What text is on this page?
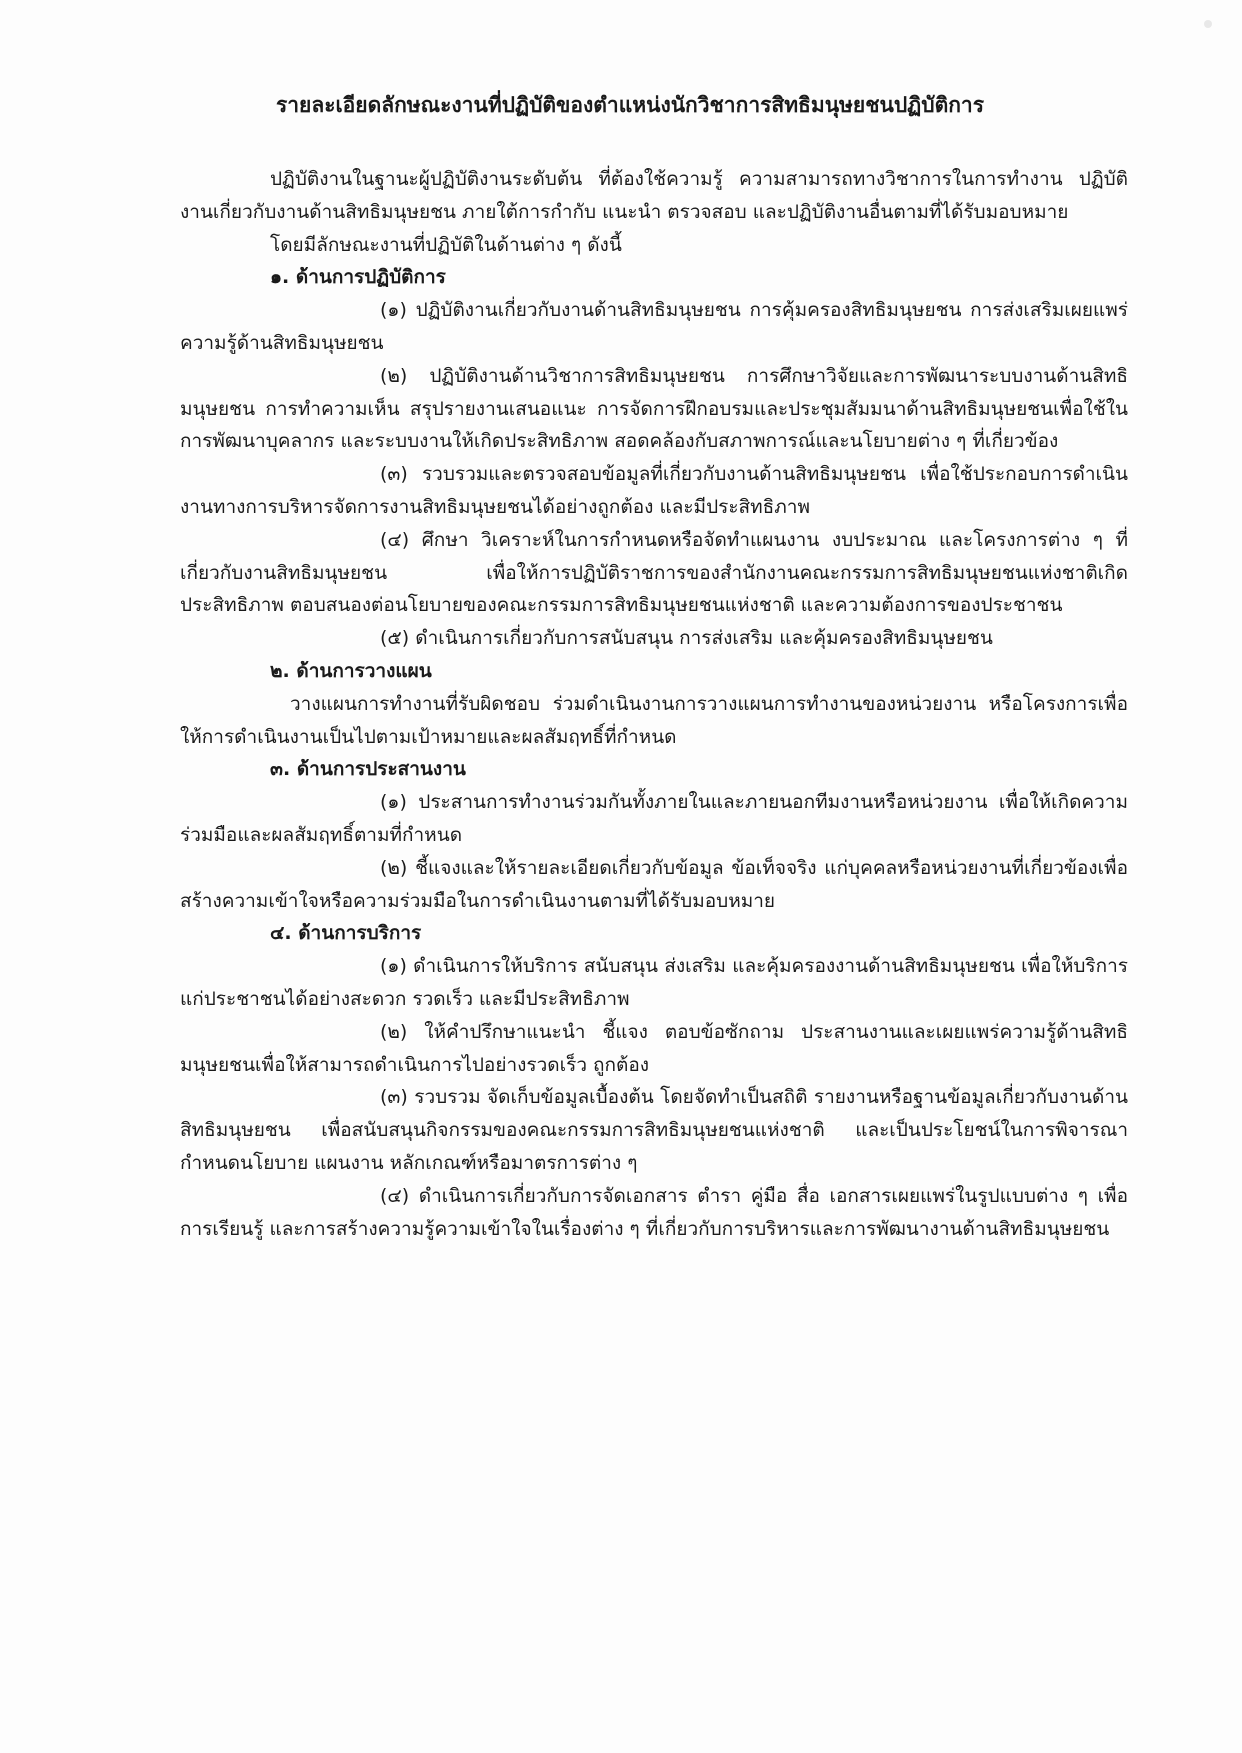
รายละเอียดลักษณะงานที่ปฏิบัติของตำแหน่งนักวิชาการสิทธิมนุษยชนปฏิบัติการ

ปฏิบัติงานในฐานะผู้ปฏิบัติงานระดับต้น ที่ต้องใช้ความรู้ ความสามารถทางวิชาการในการทำงาน ปฏิบัติงานเกี่ยวกับงานด้านสิทธิมนุษยชน ภายใต้การกำกับ แนะนำ ตรวจสอบ และปฏิบัติงานอื่นตามที่ได้รับมอบหมาย

โดยมีลักษณะงานที่ปฏิบัติในด้านต่าง ๆ ดังนี้

๑. ด้านการปฏิบัติการ

(๑) ปฏิบัติงานเกี่ยวกับงานด้านสิทธิมนุษยชน การคุ้มครองสิทธิมนุษยชน การส่งเสริมเผยแพร่ความรู้ด้านสิทธิมนุษยชน

(๒) ปฏิบัติงานด้านวิชาการสิทธิมนุษยชน การศึกษาวิจัยและการพัฒนาระบบงานด้านสิทธิมนุษยชน การทำความเห็น สรุปรายงานเสนอแนะ การจัดการฝึกอบรมและประชุมสัมมนาด้านสิทธิมนุษยชนเพื่อใช้ในการพัฒนาบุคลากร และระบบงานให้เกิดประสิทธิภาพ สอดคล้องกับสภาพการณ์และนโยบายต่าง ๆ ที่เกี่ยวข้อง

(๓) รวบรวมและตรวจสอบข้อมูลที่เกี่ยวกับงานด้านสิทธิมนุษยชน เพื่อใช้ประกอบการดำเนินงานทางการบริหารจัดการงานสิทธิมนุษยชนได้อย่างถูกต้อง และมีประสิทธิภาพ

(๔) ศึกษา วิเคราะห์ในการกำหนดหรือจัดทำแผนงาน งบประมาณ และโครงการต่าง ๆ ที่เกี่ยวกับงานสิทธิมนุษยชน เพื่อให้การปฏิบัติราชการของสำนักงานคณะกรรมการสิทธิมนุษยชนแห่งชาติเกิดประสิทธิภาพ ตอบสนองต่อนโยบายของคณะกรรมการสิทธิมนุษยชนแห่งชาติ และความต้องการของประชาชน

(๕) ดำเนินการเกี่ยวกับการสนับสนุน การส่งเสริม และคุ้มครองสิทธิมนุษยชน

๒. ด้านการวางแผน

วางแผนการทำงานที่รับผิดชอบ ร่วมดำเนินงานการวางแผนการทำงานของหน่วยงาน หรือโครงการเพื่อให้การดำเนินงานเป็นไปตามเป้าหมายและผลสัมฤทธิ์ที่กำหนด

๓. ด้านการประสานงาน

(๑) ประสานการทำงานร่วมกันทั้งภายในและภายนอกทีมงานหรือหน่วยงาน เพื่อให้เกิดความร่วมมือและผลสัมฤทธิ์ตามที่กำหนด

(๒) ชี้แจงและให้รายละเอียดเกี่ยวกับข้อมูล ข้อเท็จจริง แก่บุคคลหรือหน่วยงานที่เกี่ยวข้องเพื่อสร้างความเข้าใจหรือความร่วมมือในการดำเนินงานตามที่ได้รับมอบหมาย

๔. ด้านการบริการ

(๑) ดำเนินการให้บริการ สนับสนุน ส่งเสริม และคุ้มครองงานด้านสิทธิมนุษยชน เพื่อให้บริการแก่ประชาชนได้อย่างสะดวก รวดเร็ว และมีประสิทธิภาพ

(๒) ให้คำปรึกษาแนะนำ ชี้แจง ตอบข้อซักถาม ประสานงานและเผยแพร่ความรู้ด้านสิทธิมนุษยชนเพื่อให้สามารถดำเนินการไปอย่างรวดเร็ว ถูกต้อง

(๓) รวบรวม จัดเก็บข้อมูลเบื้องต้น โดยจัดทำเป็นสถิติ รายงานหรือฐานข้อมูลเกี่ยวกับงานด้านสิทธิมนุษยชน เพื่อสนับสนุนกิจกรรมของคณะกรรมการสิทธิมนุษยชนแห่งชาติ และเป็นประโยชน์ในการพิจารณากำหนดนโยบาย แผนงาน หลักเกณฑ์หรือมาตรการต่าง ๆ

(๔) ดำเนินการเกี่ยวกับการจัดเอกสาร ตำรา คู่มือ สื่อ เอกสารเผยแพร่ในรูปแบบต่าง ๆ เพื่อการเรียนรู้ และการสร้างความรู้ความเข้าใจในเรื่องต่าง ๆ ที่เกี่ยวกับการบริหารและการพัฒนางานด้านสิทธิมนุษยชน
